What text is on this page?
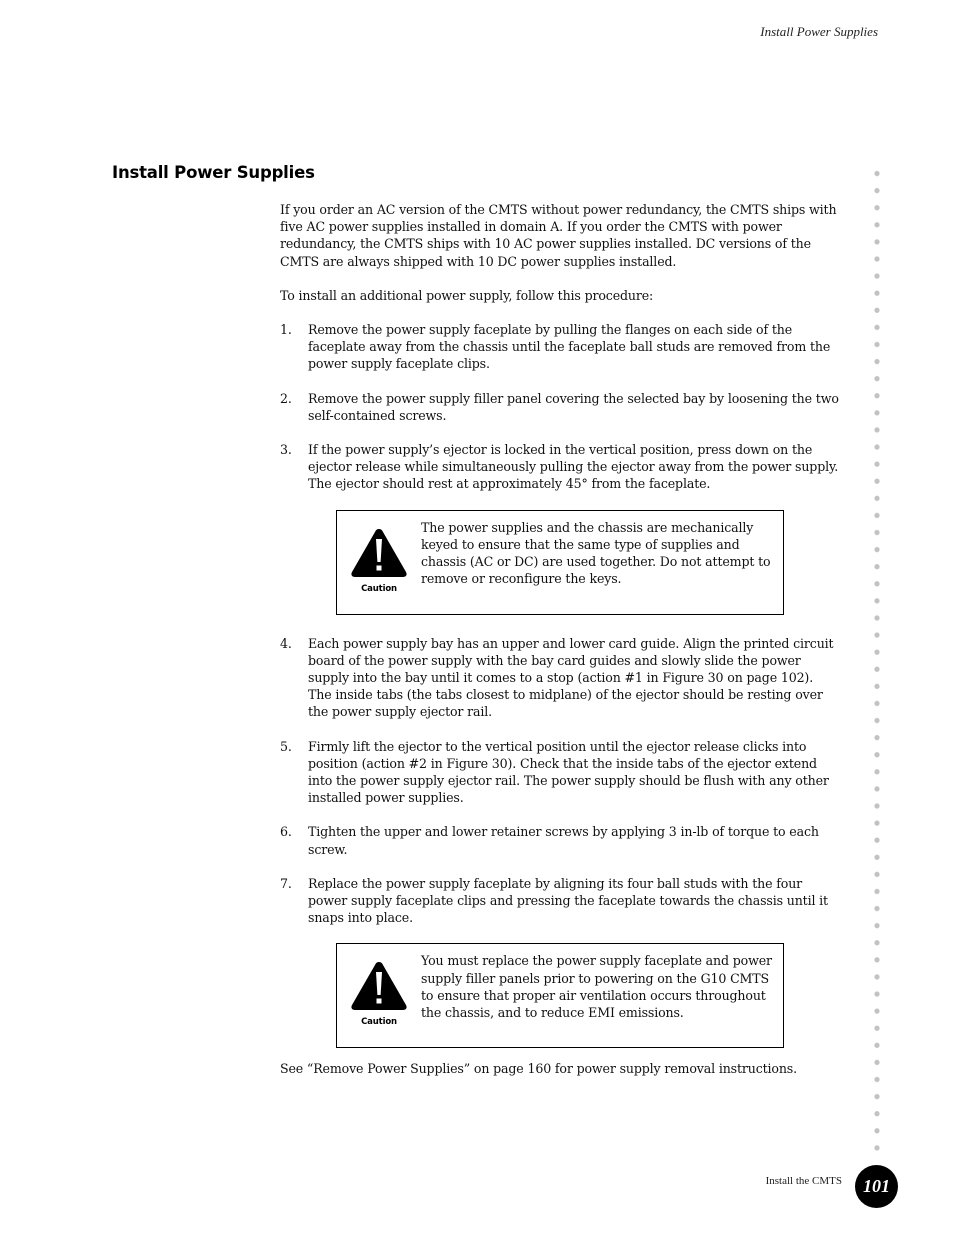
Install Power Supplies
Install Power Supplies

If you order an AC version of the CMTS without power redundancy, the CMTS ships with five AC power supplies installed in domain A. If you order the CMTS with power redundancy, the CMTS ships with 10 AC power supplies installed. DC versions of the CMTS are always shipped with 10 DC power supplies installed.

To install an additional power supply, follow this procedure:

1. Remove the power supply faceplate by pulling the flanges on each side of the faceplate away from the chassis until the faceplate ball studs are removed from the power supply faceplate clips.
2. Remove the power supply filler panel covering the selected bay by loosening the two self-contained screws.
3. If the power supply’s ejector is locked in the vertical position, press down on the ejector release while simultaneously pulling the ejector away from the power supply. The ejector should rest at approximately 45° from the faceplate.
Caution
The power supplies and the chassis are mechanically keyed to ensure that the same type of supplies and chassis (AC or DC) are used together. Do not attempt to remove or reconfigure the keys.
4. Each power supply bay has an upper and lower card guide. Align the printed circuit board of the power supply with the bay card guides and slowly slide the power supply into the bay until it comes to a stop (action #1 in Figure 30 on page 102). The inside tabs (the tabs closest to midplane) of the ejector should be resting over the power supply ejector rail.
5. Firmly lift the ejector to the vertical position until the ejector release clicks into position (action #2 in Figure 30). Check that the inside tabs of the ejector extend into the power supply ejector rail. The power supply should be flush with any other installed power supplies.
6. Tighten the upper and lower retainer screws by applying 3 in-lb of torque to each screw.
7. Replace the power supply faceplate by aligning its four ball studs with the four power supply faceplate clips and pressing the faceplate towards the chassis until it snaps into place.
Caution
You must replace the power supply faceplate and power supply filler panels prior to powering on the G10 CMTS to ensure that proper air ventilation occurs throughout the chassis, and to reduce EMI emissions.

See “Remove Power Supplies” on page 160 for power supply removal instructions.

Install the CMTS	101
